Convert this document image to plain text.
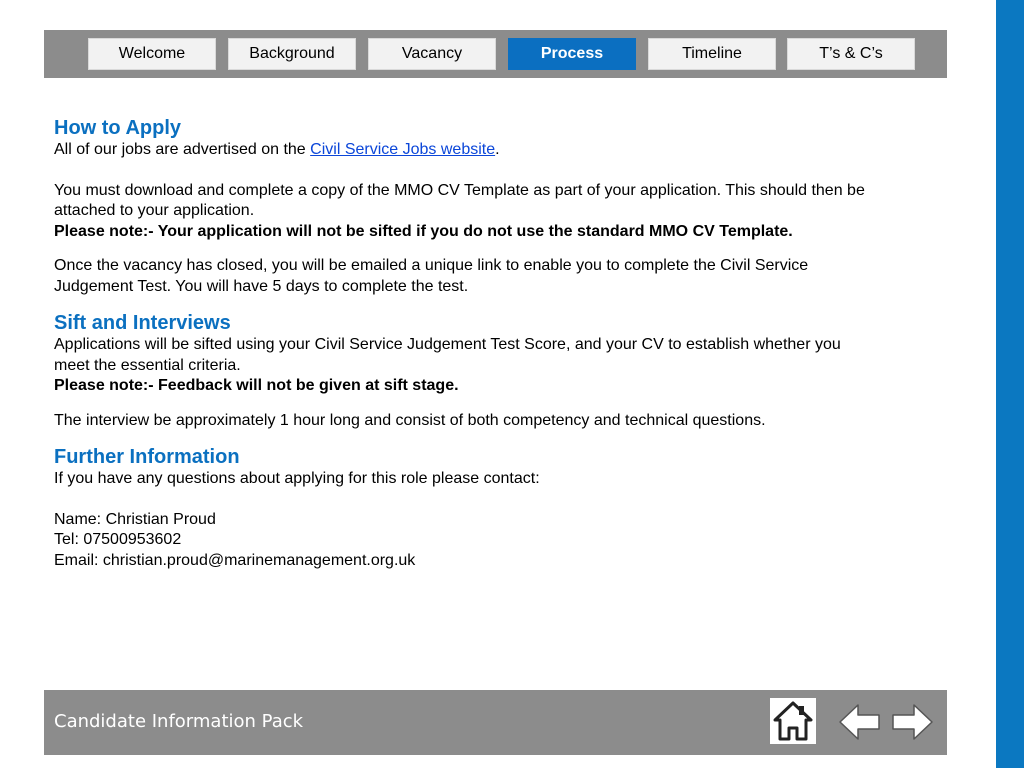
Welcome	Background	Vacancy	Process	Timeline	T’s & C’s
How to Apply

All of our jobs are advertised on the Civil Service Jobs website.

You must download and complete a copy of the MMO CV Template as part of your application. This should then be attached to your application.

Please note:- Your application will not be sifted if you do not use the standard MMO CV Template.

Once the vacancy has closed, you will be emailed a unique link to enable you to complete the Civil Service Judgement Test. You will have 5 days to complete the test.

Sift and Interviews

Applications will be sifted using your Civil Service Judgement Test Score, and your CV to establish whether you meet the essential criteria.

Please note:- Feedback will not be given at sift stage.

The interview be approximately 1 hour long and consist of both competency and technical questions.

Further Information

If you have any questions about applying for this role please contact:

Name: Christian Proud

Tel: 07500953602

Email: christian.proud@marinemanagement.org.uk

Candidate Information Pack
